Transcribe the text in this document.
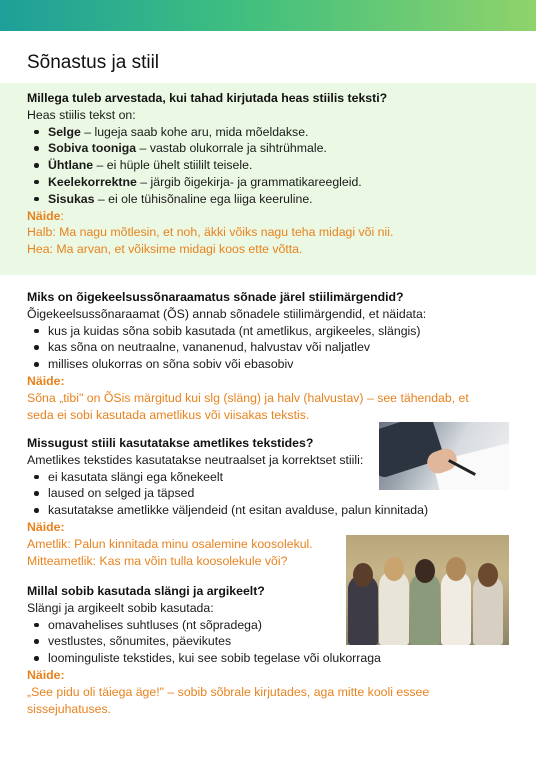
Sõnastus ja stiil
Millega tuleb arvestada, kui tahad kirjutada heas stiilis teksti?
Heas stiilis tekst on:
Selge – lugeja saab kohe aru, mida mõeldakse.
Sobiva tooniga – vastab olukorrale ja sihtrühmale.
Ühtlane – ei hüple ühelt stiililt teisele.
Keelekorrektne – järgib õigekirja- ja grammatikareegleid.
Sisukas – ei ole tühisõnaline ega liiga keeruline.
Näide:
Halb: Ma nagu mõtlesin, et noh, äkki võiks nagu teha midagi või nii.
Hea: Ma arvan, et võiksime midagi koos ette võtta.
Miks on õigekeelsussõnaraamatus sõnade järel stiilimärgendid?
Õigekeelsussõnaraamat (ÕS) annab sõnadele stiilimärgendid, et näidata:
kus ja kuidas sõna sobib kasutada (nt ametlikus, argikeeles, slängis)
kas sõna on neutraalne, vananenud, halvustav või naljatlev
millises olukorras on sõna sobiv või ebasobiv
Näide:
Sõna „tibi" on ÕSis märgitud kui slg (släng) ja halv (halvustav) – see tähendab, et
seda ei sobi kasutada ametlikus või viisakas tekstis.
Missugust stiili kasutatakse ametlikes tekstides?
Ametlikes tekstides kasutatakse neutraalset ja korrektset stiili:
ei kasutata slängi ega kõnekeelt
laused on selged ja täpsed
kasutatakse ametlikke väljendeid (nt esitan avalduse, palun kinnitada)
Näide:
Ametlik: Palun kinnitada minu osalemine koosolekul.
Mitteametlik: Kas ma võin tulla koosolekule või?
Millal sobib kasutada slängi ja argikeelt?
Slängi ja argikeelt sobib kasutada:
omavahelises suhtluses (nt sõpradega)
vestlustes, sõnumites, päevikutes
loominguliste tekstides, kui see sobib tegelase või olukorraga
Näide:
„See pidu oli täiega äge!" – sobib sõbrale kirjutades, aga mitte kooli essee
sissejuhatuses.
